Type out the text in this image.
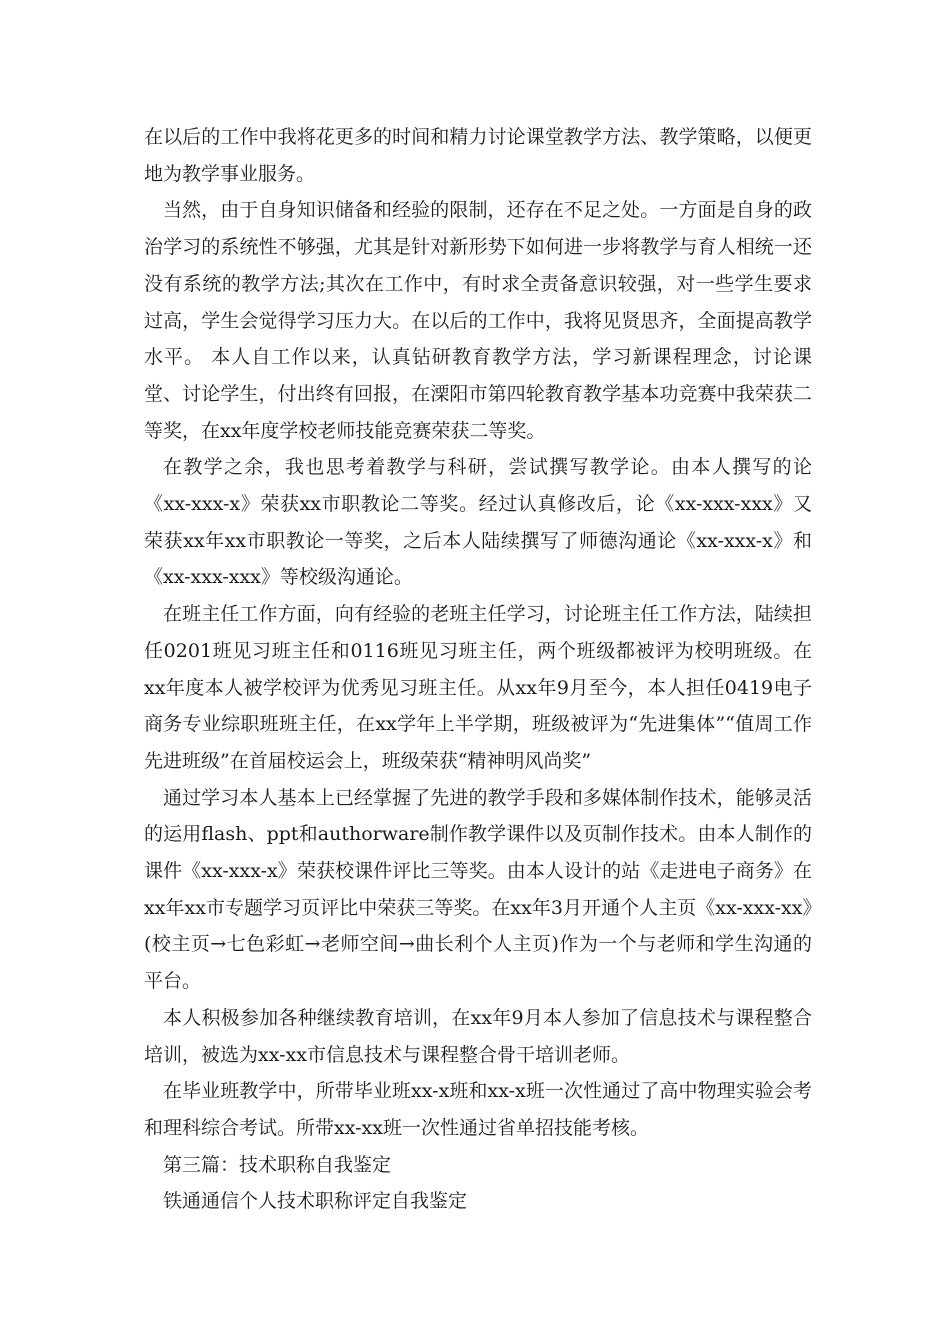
在以后的工作中我将花更多的时间和精力讨论课堂教学方法、教学策略，以便更地为教学事业服务。

当然，由于自身知识储备和经验的限制，还存在不足之处。一方面是自身的政治学习的系统性不够强，尤其是针对新形势下如何进一步将教学与育人相统一还没有系统的教学方法;其次在工作中，有时求全责备意识较强，对一些学生要求过高，学生会觉得学习压力大。在以后的工作中，我将见贤思齐，全面提高教学水平。 本人自工作以来，认真钻研教育教学方法，学习新课程理念，讨论课堂、讨论学生，付出终有回报，在溧阳市第四轮教育教学基本功竞赛中我荣获二等奖，在xx年度学校老师技能竞赛荣获二等奖。

在教学之余，我也思考着教学与科研，尝试撰写教学论。由本人撰写的论《xx-xxx-x》荣获xx市职教论二等奖。经过认真修改后，论《xx-xxx-xxx》又荣获xx年xx市职教论一等奖，之后本人陆续撰写了师德沟通论《xx-xxx-x》和《xx-xxx-xxx》等校级沟通论。

在班主任工作方面，向有经验的老班主任学习，讨论班主任工作方法，陆续担任0201班见习班主任和0116班见习班主任，两个班级都被评为校明班级。在xx年度本人被学校评为优秀见习班主任。从xx年9月至今，本人担任0419电子商务专业综职班班主任，在xx学年上半学期，班级被评为“先进集体”“值周工作先进班级”在首届校运会上，班级荣获“精神明风尚奖”

通过学习本人基本上已经掌握了先进的教学手段和多媒体制作技术，能够灵活的运用flash、ppt和authorware制作教学课件以及页制作技术。由本人制作的课件《xx-xxx-x》荣获校课件评比三等奖。由本人设计的站《走进电子商务》在xx年xx市专题学习页评比中荣获三等奖。在xx年3月开通个人主页《xx-xxx-xx》(校主页→七色彩虹→老师空间→曲长利个人主页)作为一个与老师和学生沟通的平台。

本人积极参加各种继续教育培训，在xx年9月本人参加了信息技术与课程整合培训，被选为xx-xx市信息技术与课程整合骨干培训老师。

在毕业班教学中，所带毕业班xx-x班和xx-x班一次性通过了高中物理实验会考和理科综合考试。所带xx-xx班一次性通过省单招技能考核。

第三篇：技术职称自我鉴定

铁通通信个人技术职称评定自我鉴定
